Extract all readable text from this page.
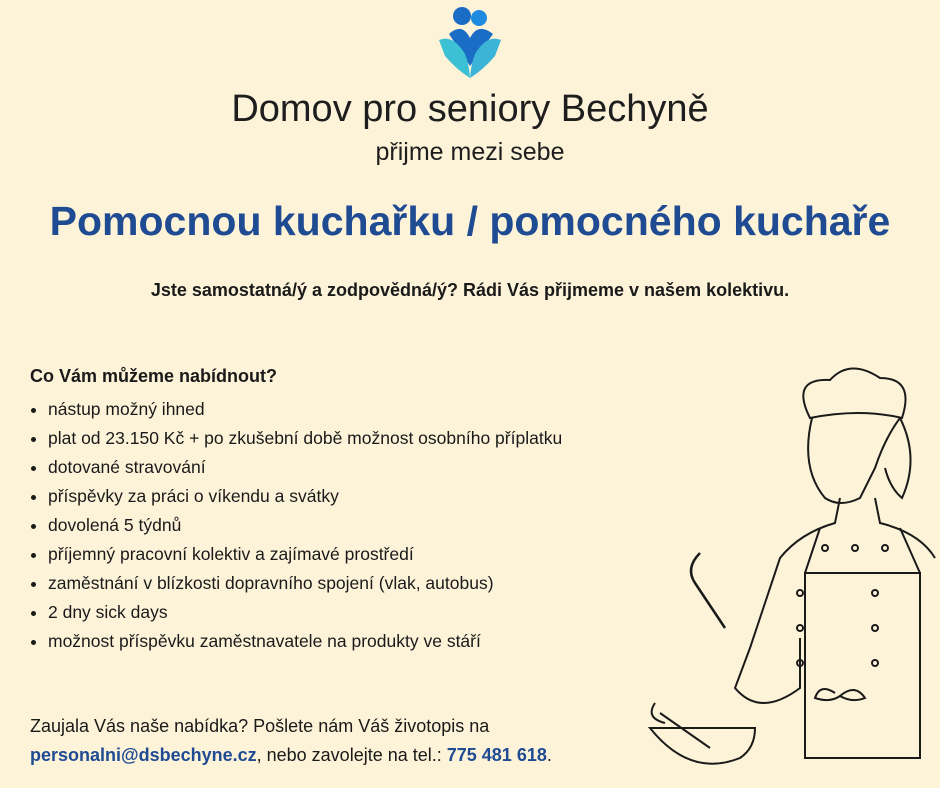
Domov pro seniory Bechyně
přijme mezi sebe
Pomocnou kuchařku / pomocného kuchaře
Jste samostatná/ý a zodpovědná/ý? Rádi Vás přijmeme v našem kolektivu.
Co Vám můžeme nabídnout?
• nástup možný ihned
• plat od 23.150 Kč + po zkušební době možnost osobního příplatku
• dotované stravování
• příspěvky za práci o víkendu a svátky
• dovolená 5 týdnů
• příjemný pracovní kolektiv a zajímavé prostředí
• zaměstnání v blízkosti dopravního spojení (vlak, autobus)
• 2 dny sick days
• možnost příspěvku zaměstnavatele na produkty ve stáří
Zaujala Vás naše nabídka? Pošlete nám Váš životopis na
personalni@dsbechyne.cz, nebo zavolejte na tel.: 775 481 618.
